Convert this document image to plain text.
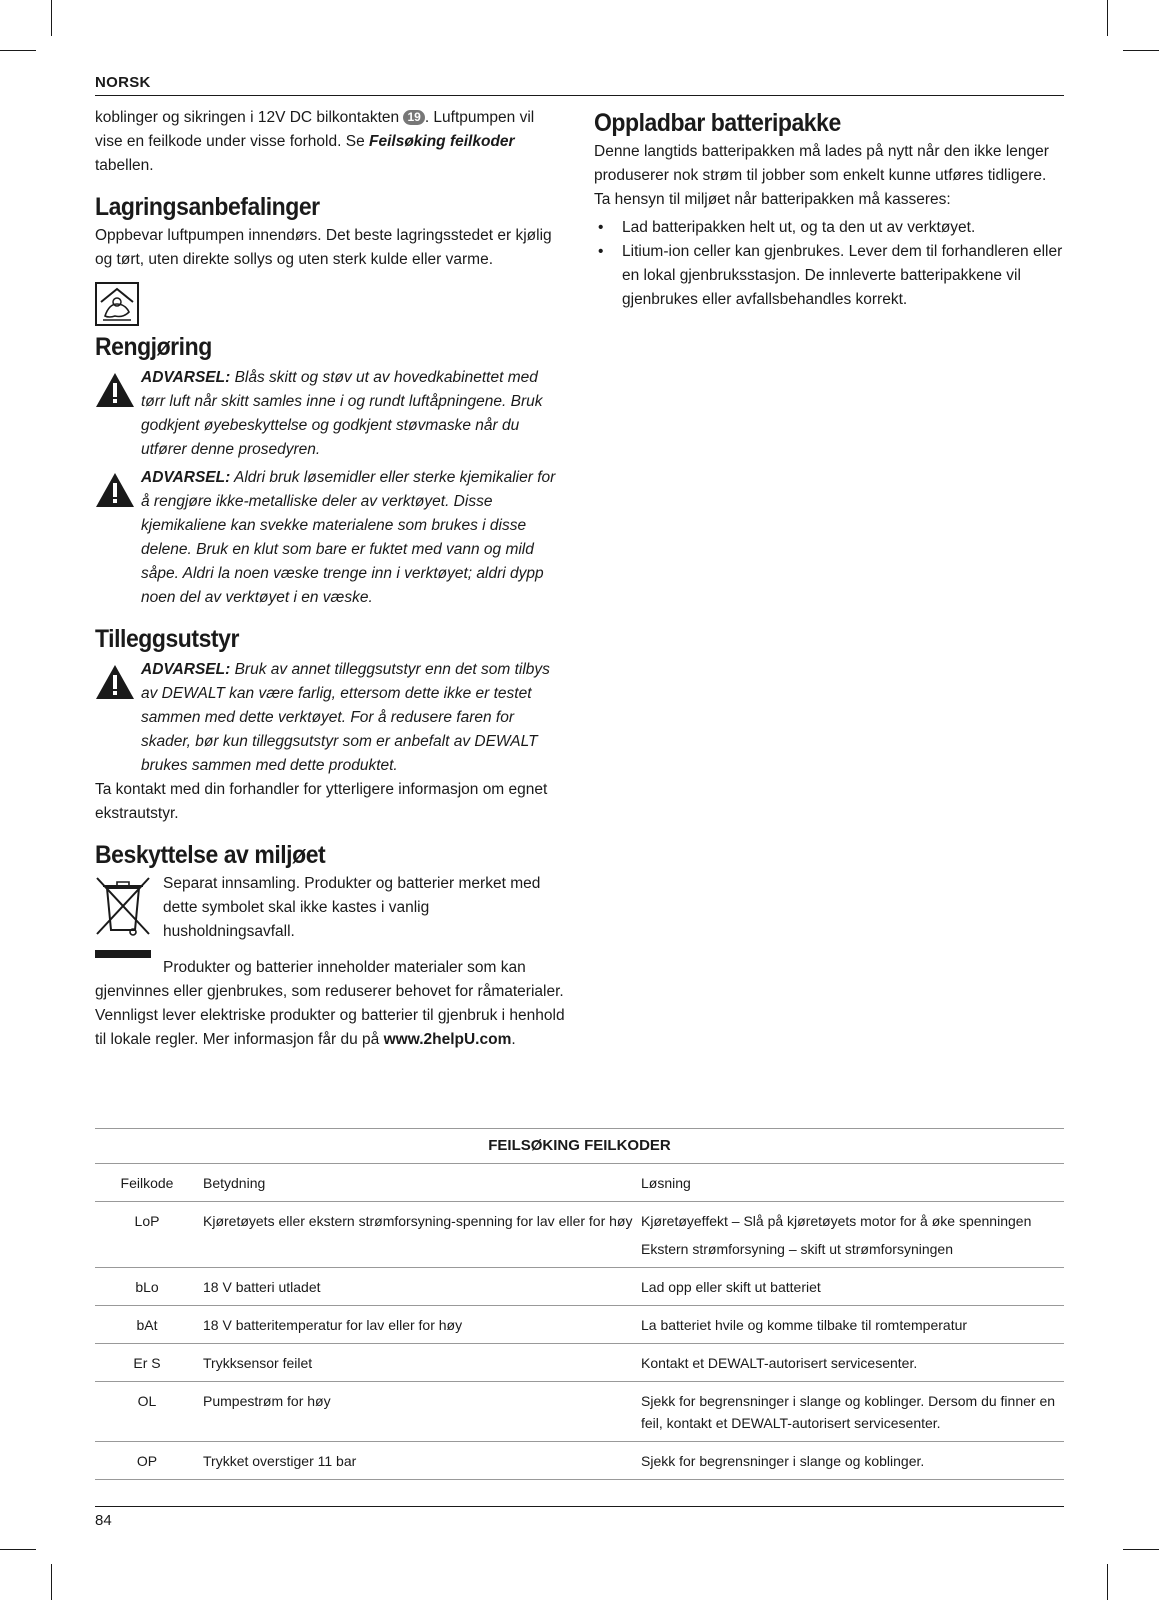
NORSK

koblinger og sikringen i 12V DC bilkontakten 19 . Luftpumpen vil vise en feilkode under visse forhold. Se Feilsøking feilkoder tabellen.

Lagringsanbefalinger

Oppbevar luftpumpen innendørs. Det beste lagringsstedet er kjølig og tørt, uten direkte sollys og uten sterk kulde eller varme.

Rengjøring
ADVARSEL: Blås skitt og støv ut av hovedkabinettet med tørr luft når skitt samles inne i og rundt luftåpningene. Bruk godkjent øyebeskyttelse og godkjent støvmaske når du utfører denne prosedyren.
ADVARSEL: Aldri bruk løsemidler eller sterke kjemikalier for å rengjøre ikke-metalliske deler av verktøyet. Disse kjemikaliene kan svekke materialene som brukes i disse delene. Bruk en klut som bare er fuktet med vann og mild såpe. Aldri la noen væske trenge inn i verktøyet; aldri dypp noen del av verktøyet i en væske.
Tilleggsutstyr
ADVARSEL: Bruk av annet tilleggsutstyr enn det som tilbys av DEWALT kan være farlig, ettersom dette ikke er testet sammen med dette verktøyet. For å redusere faren for skader, bør kun tilleggsutstyr som er anbefalt av DEWALT brukes sammen med dette produktet.

Ta kontakt med din forhandler for ytterligere informasjon om egnet ekstrautstyr.

Beskyttelse av miljøet

Separat innsamling. Produkter og batterier merket med dette symbolet skal ikke kastes i vanlig husholdningsavfall.

Produkter og batterier inneholder materialer som kan gjenvinnes eller gjenbrukes, som reduserer behovet for råmaterialer. Vennligst lever elektriske produkter og batterier til gjenbruk i henhold til lokale regler. Mer informasjon får du på www.2helpU.com.

Oppladbar batteripakke

Denne langtids batteripakken må lades på nytt når den ikke lenger produserer nok strøm til jobber som enkelt kunne utføres tidligere. Ta hensyn til miljøet når batteripakken må kasseres:

• Lad batteripakken helt ut, og ta den ut av verktøyet.
• Litium-ion celler kan gjenbrukes. Lever dem til forhandleren eller en lokal gjenbruksstasjon. De innleverte batteripakkene vil gjenbrukes eller avfallsbehandles korrekt.
FEILSØKING FEILKODER
Feilkode	Betydning	Løsning
LoP	Kjøretøyets eller ekstern strømforsyning-spenning for lav eller for høy	Kjøretøyeffekt – Slå på kjøretøyets motor for å øke spenningen
Ekstern strømforsyning – skift ut strømforsyningen

bLo	18 V batteri utladet	Lad opp eller skift ut batteriet
bAt	18 V batteritemperatur for lav eller for høy	La batteriet hvile og komme tilbake til romtemperatur
Er S	Trykksensor feilet	Kontakt et DEWALT-autorisert servicesenter.
OL	Pumpestrøm for høy	Sjekk for begrensninger i slange og koblinger. Dersom du finner en feil, kontakt et DEWALT-autorisert servicesenter.
OP	Trykket overstiger 11 bar	Sjekk for begrensninger i slange og koblinger.
84
